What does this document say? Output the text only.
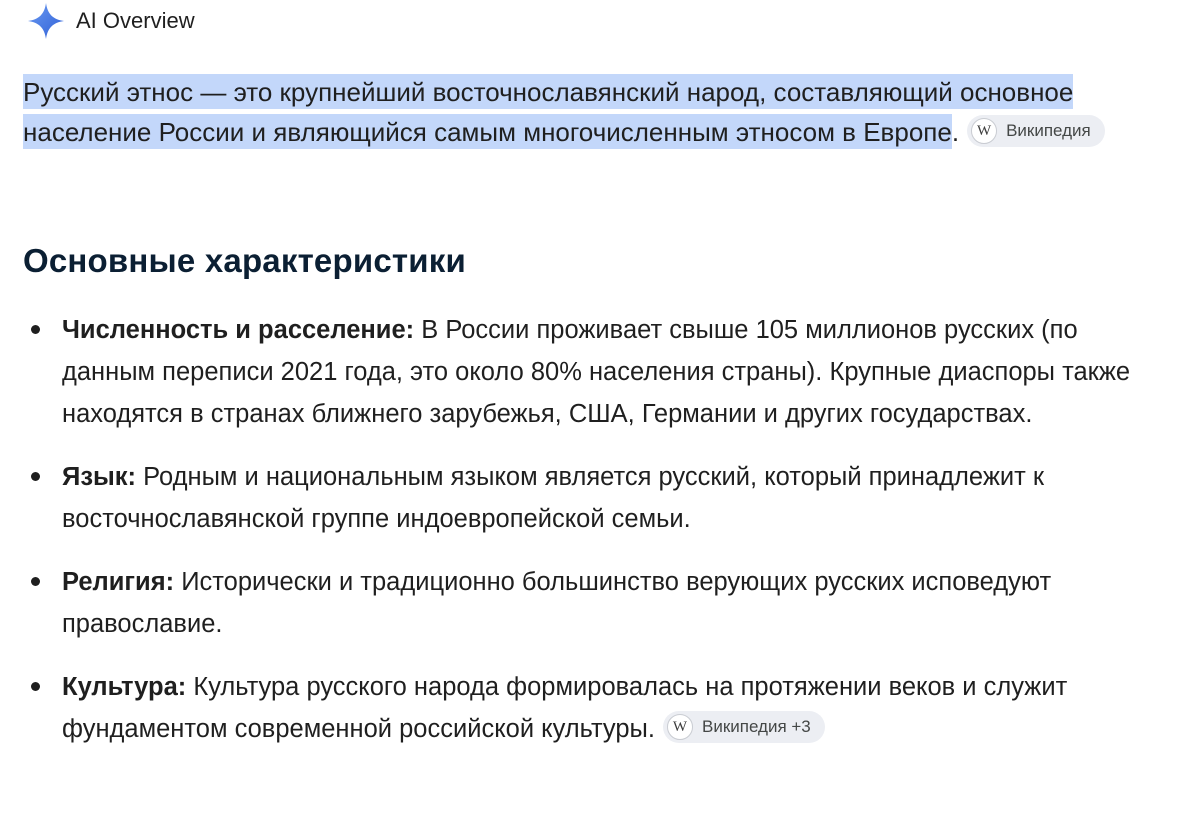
AI Overview
Русский этнос — это крупнейший восточнославянский народ, составляющий основное население России и являющийся самым многочисленным этносом в Европе.	W Википедия
Основные характеристики
Численность и расселение: В России проживает свыше 105 миллионов русских (по данным переписи 2021 года, это около 80% населения страны). Крупные диаспоры также находятся в странах ближнего зарубежья, США, Германии и других государствах.
Язык: Родным и национальным языком является русский, который принадлежит к восточнославянской группе индоевропейской семьи.
Религия: Исторически и традиционно большинство верующих русских исповедуют православие.
Культура: Культура русского народа формировалась на протяжении веков и служит фундаментом современной российской культуры.	W Википедия +3
